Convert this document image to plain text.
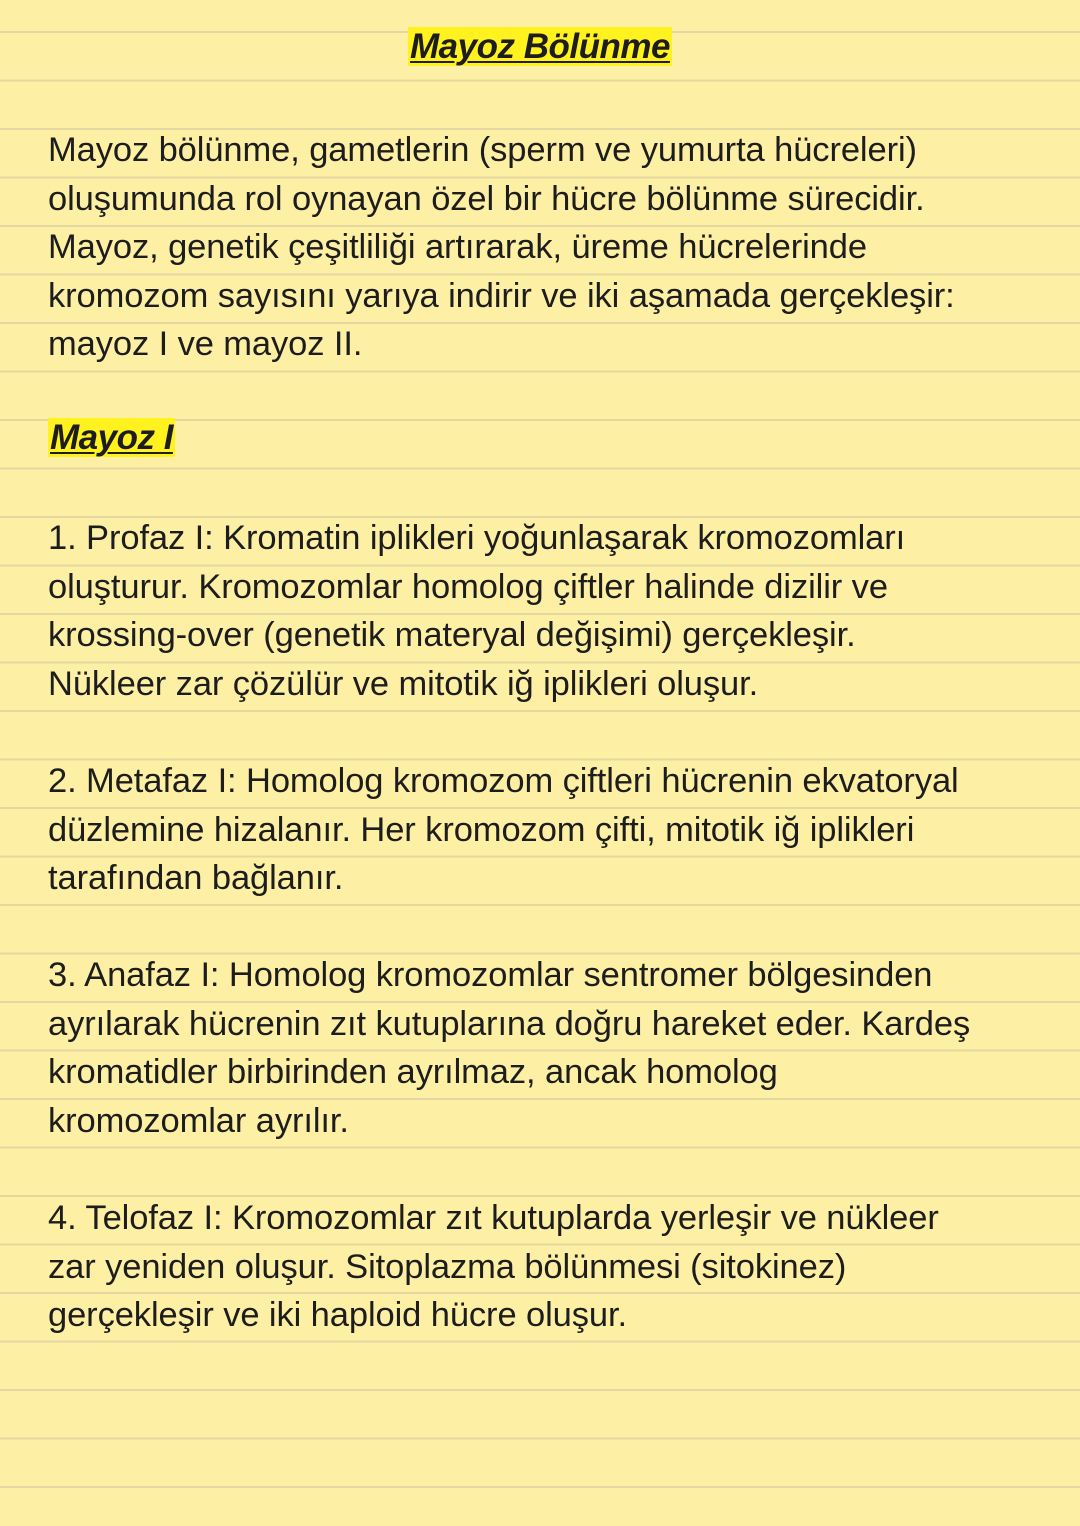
Mayoz Bölünme
Mayoz bölünme, gametlerin (sperm ve yumurta hücreleri)
oluşumunda rol oynayan özel bir hücre bölünme sürecidir.
Mayoz, genetik çeşitliliği artırarak, üreme hücrelerinde
kromozom sayısını yarıya indirir ve iki aşamada gerçekleşir:
mayoz I ve mayoz II.
Mayoz I
1. Profaz I: Kromatin iplikleri yoğunlaşarak kromozomları
oluşturur. Kromozomlar homolog çiftler halinde dizilir ve
krossing-over (genetik materyal değişimi) gerçekleşir.
Nükleer zar çözülür ve mitotik iğ iplikleri oluşur.
2. Metafaz I: Homolog kromozom çiftleri hücrenin ekvatoryal
düzlemine hizalanır. Her kromozom çifti, mitotik iğ iplikleri
tarafından bağlanır.
3. Anafaz I: Homolog kromozomlar sentromer bölgesinden
ayrılarak hücrenin zıt kutuplarına doğru hareket eder. Kardeş
kromatidler birbirinden ayrılmaz, ancak homolog
kromozomlar ayrılır.
4. Telofaz I: Kromozomlar zıt kutuplarda yerleşir ve nükleer
zar yeniden oluşur. Sitoplazma bölünmesi (sitokinez)
gerçekleşir ve iki haploid hücre oluşur.
